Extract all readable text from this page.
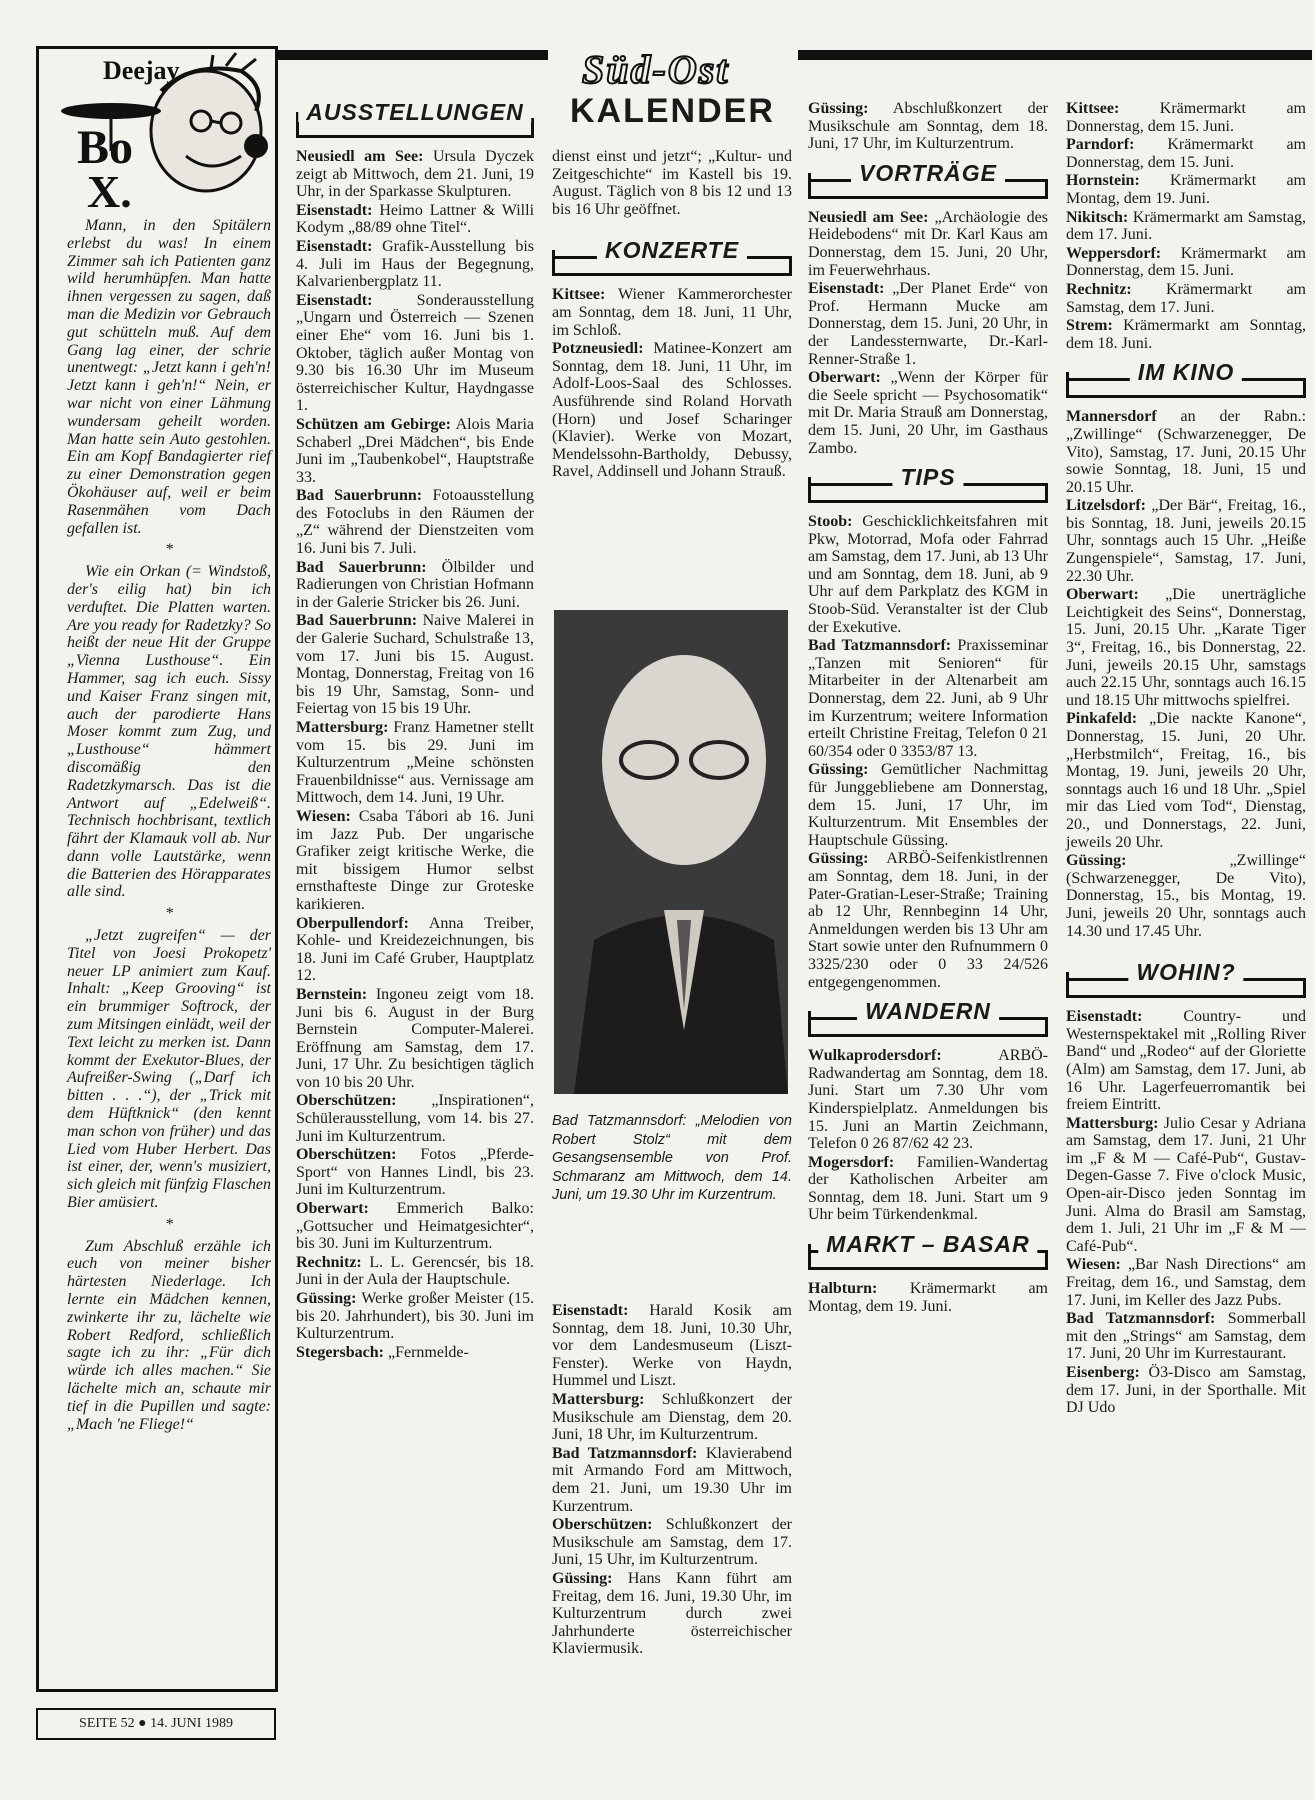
Süd-Ost
KALENDER
Deejay
Bo
X.

Mann, in den Spitälern erlebst du was! In einem Zimmer sah ich Patienten ganz wild herumhüpfen. Man hatte ihnen vergessen zu sagen, daß man die Medizin vor Gebrauch gut schütteln muß. Auf dem Gang lag einer, der schrie unentwegt: „Jetzt kann i geh'n! Jetzt kann i geh'n!“ Nein, er war nicht von einer Lähmung wundersam geheilt worden. Man hatte sein Auto gestohlen. Ein am Kopf Bandagierter rief zu einer Demonstration gegen Ökohäuser auf, weil er beim Rasenmähen vom Dach gefallen ist.

*

Wie ein Orkan (= Windstoß, der's eilig hat) bin ich verduftet. Die Platten warten. Are you ready for Radetzky? So heißt der neue Hit der Gruppe „Vienna Lusthouse“. Ein Hammer, sag ich euch. Sissy und Kaiser Franz singen mit, auch der parodierte Hans Moser kommt zum Zug, und „Lusthouse“ hämmert discomäßig den Radetzkymarsch. Das ist die Antwort auf „Edelweiß“. Technisch hochbrisant, textlich fährt der Klamauk voll ab. Nur dann volle Lautstärke, wenn die Batterien des Hörapparates alle sind.

*

„Jetzt zugreifen“ — der Titel von Joesi Prokopetz' neuer LP animiert zum Kauf. Inhalt: „Keep Grooving“ ist ein brummiger Softrock, der zum Mitsingen einlädt, weil der Text leicht zu merken ist. Dann kommt der Exekutor-Blues, der Aufreißer-Swing („Darf ich bitten . . .“), der „Trick mit dem Hüftknick“ (den kennt man schon von früher) und das Lied vom Huber Herbert. Das ist einer, der, wenn's musiziert, sich gleich mit fünfzig Flaschen Bier amüsiert.

*

Zum Abschluß erzähle ich euch von meiner bisher härtesten Niederlage. Ich lernte ein Mädchen kennen, zwinkerte ihr zu, lächelte wie Robert Redford, schließlich sagte ich zu ihr: „Für dich würde ich alles machen.“ Sie lächelte mich an, schaute mir tief in die Pupillen und sagte: „Mach 'ne Fliege!“

SEITE 52 ● 14. JUNI 1989
AUSSTELLUNGEN
Neusiedl am See: Ursula Dyczek zeigt ab Mittwoch, dem 21. Juni, 19 Uhr, in der Sparkasse Skulpturen.
Eisenstadt: Heimo Lattner & Willi Kodym „88/89 ohne Titel“.
Eisenstadt: Grafik-Ausstellung bis 4. Juli im Haus der Begegnung, Kalvarienbergplatz 11.
Eisenstadt:	Sonderausstellung „Ungarn und Österreich — Szenen einer Ehe“ vom 16. Juni bis 1. Oktober, täglich außer Montag von 9.30 bis 16.30 Uhr im Museum österreichischer Kultur, Haydngasse 1.
Schützen am Gebirge: Alois Maria Schaberl „Drei Mädchen“, bis Ende Juni im „Taubenkobel“, Hauptstraße 33.
Bad Sauerbrunn: Fotoausstellung des Fotoclubs in den Räumen der „Z“ während der Dienstzeiten vom 16. Juni bis 7. Juli.
Bad Sauerbrunn: Ölbilder und Radierungen von Christian Hofmann in der Galerie Stricker bis 26. Juni.
Bad Sauerbrunn: Naive Malerei in der Galerie Suchard, Schulstraße 13, vom 17. Juni bis 15. August. Montag, Donnerstag, Freitag von 16 bis 19 Uhr, Samstag, Sonn- und Feiertag von 15 bis 19 Uhr.
Mattersburg: Franz Hametner stellt vom 15. bis 29. Juni im Kulturzentrum „Meine schönsten Frauenbildnisse“ aus. Vernissage am Mittwoch, dem 14. Juni, 19 Uhr.
Wiesen: Csaba Tábori ab 16. Juni im Jazz Pub. Der ungarische Grafiker zeigt kritische Werke, die mit bissigem Humor selbst ernsthafteste Dinge zur Groteske karikieren.
Oberpullendorf: Anna Treiber, Kohle- und Kreidezeichnungen, bis 18. Juni im Café Gruber, Hauptplatz 12.
Bernstein: Ingoneu zeigt vom 18. Juni bis 6. August in der Burg Bernstein Computer-Malerei. Eröffnung am Samstag, dem 17. Juni, 17 Uhr. Zu besichtigen täglich von 10 bis 20 Uhr.
Oberschützen: „Inspirationen“, Schülerausstellung, vom 14. bis 27. Juni im Kulturzentrum.
Oberschützen: Fotos „Pferde-Sport“ von Hannes Lindl, bis 23. Juni im Kulturzentrum.
Oberwart: Emmerich Balko: „Gottsucher und Heimatgesichter“, bis 30. Juni im Kulturzentrum.
Rechnitz: L. L. Gerencsér, bis 18. Juni in der Aula der Hauptschule.
Güssing: Werke großer Meister (15. bis 20. Jahrhundert), bis 30. Juni im Kulturzentrum.
Stegersbach: „Fernmelde-
dienst einst und jetzt“; „Kultur- und Zeitgeschichte“ im Kastell bis 19. August. Täglich von 8 bis 12 und 13 bis 16 Uhr geöffnet.
KONZERTE
Kittsee: Wiener Kammerorchester am Sonntag, dem 18. Juni, 11 Uhr, im Schloß.
Potzneusiedl: Matinee-Konzert am Sonntag, dem 18. Juni, 11 Uhr, im Adolf-Loos-Saal des Schlosses. Ausführende sind Roland Horvath (Horn) und Josef Scharinger (Klavier). Werke von Mozart, Mendelssohn-Bartholdy, Debussy, Ravel, Addinsell und Johann Strauß.
Bad Tatzmannsdorf: „Melodien von Robert Stolz“ mit dem Gesangsensemble von Prof. Schmaranz am Mittwoch, dem 14. Juni, um 19.30 Uhr im Kurzentrum.
Eisenstadt: Harald Kosik am Sonntag, dem 18. Juni, 10.30 Uhr, vor dem Landesmuseum (Liszt-Fenster). Werke von Haydn, Hummel und Liszt.
Mattersburg: Schlußkonzert der Musikschule am Dienstag, dem 20. Juni, 18 Uhr, im Kulturzentrum.
Bad Tatzmannsdorf: Klavierabend mit Armando Ford am Mittwoch, dem 21. Juni, um 19.30 Uhr im Kurzentrum.
Oberschützen: Schlußkonzert der Musikschule am Samstag, dem 17. Juni, 15 Uhr, im Kulturzentrum.
Güssing: Hans Kann führt am Freitag, dem 16. Juni, 19.30 Uhr, im Kulturzentrum durch zwei Jahrhunderte österreichischer Klaviermusik.
Güssing: Abschlußkonzert der Musikschule am Sonntag, dem 18. Juni, 17 Uhr, im Kulturzentrum.
VORTRÄGE
Neusiedl am See: „Archäologie des Heidebodens“ mit Dr. Karl Kaus am Donnerstag, dem 15. Juni, 20 Uhr, im Feuerwehrhaus.
Eisenstadt: „Der Planet Erde“ von Prof. Hermann Mucke am Donnerstag, dem 15. Juni, 20 Uhr, in der Landessternwarte, Dr.-Karl-Renner-Straße 1.
Oberwart: „Wenn der Körper für die Seele spricht — Psychosomatik“ mit Dr. Maria Strauß am Donnerstag, dem 15. Juni, 20 Uhr, im Gasthaus Zambo.
TIPS
Stoob: Geschicklichkeitsfahren mit Pkw, Motorrad, Mofa oder Fahrrad am Samstag, dem 17. Juni, ab 13 Uhr und am Sonntag, dem 18. Juni, ab 9 Uhr auf dem Parkplatz des KGM in Stoob-Süd. Veranstalter ist der Club der Exekutive.
Bad Tatzmannsdorf: Praxisseminar „Tanzen mit Senioren“ für Mitarbeiter in der Altenarbeit am Donnerstag, dem 22. Juni, ab 9 Uhr im Kurzentrum; weitere Information erteilt Christine Freitag, Telefon 0 21 60/354 oder 0 3353/87 13.
Güssing: Gemütlicher Nachmittag für Junggebliebene am Donnerstag, dem 15. Juni, 17 Uhr, im Kulturzentrum. Mit Ensembles der Hauptschule Güssing.
Güssing: ARBÖ-Seifenkistlrennen am Sonntag, dem 18. Juni, in der Pater-Gratian-Leser-Straße; Training ab 12 Uhr, Rennbeginn 14 Uhr, Anmeldungen werden bis 13 Uhr am Start sowie unter den Rufnummern 0 3325/230 oder 0 33 24/526 entgegengenommen.
WANDERN
Wulkaprodersdorf:	ARBÖ-Radwandertag am Sonntag, dem 18. Juni. Start um 7.30 Uhr vom Kinderspielplatz. Anmeldungen bis 15. Juni an Martin Zeichmann, Telefon 0 26 87/62 42 23.
Mogersdorf: Familien-Wandertag der Katholischen Arbeiter am Sonntag, dem 18. Juni. Start um 9 Uhr beim Türkendenkmal.
MARKT – BASAR
Halbturn: Krämermarkt am Montag, dem 19. Juni.
Kittsee:	Krämermarkt am Donnerstag, dem 15. Juni.
Parndorf: Krämermarkt am Donnerstag, dem 15. Juni.
Hornstein: Krämermarkt am Montag, dem 19. Juni.
Nikitsch: Krämermarkt am Samstag, dem 17. Juni.
Weppersdorf: Krämermarkt am Donnerstag, dem 15. Juni.
Rechnitz: Krämermarkt am Samstag, dem 17. Juni.
Strem: Krämermarkt am Sonntag, dem 18. Juni.
IM KINO
Mannersdorf an der Rabn.: „Zwillinge“ (Schwarzenegger, De Vito), Samstag, 17. Juni, 20.15 Uhr sowie Sonntag, 18. Juni, 15 und 20.15 Uhr.
Litzelsdorf: „Der Bär“, Freitag, 16., bis Sonntag, 18. Juni, jeweils 20.15 Uhr, sonntags auch 15 Uhr. „Heiße Zungenspiele“, Samstag, 17. Juni, 22.30 Uhr.
Oberwart: „Die unerträgliche Leichtigkeit des Seins“, Donnerstag, 15. Juni, 20.15 Uhr. „Karate Tiger 3“, Freitag, 16., bis Donnerstag, 22. Juni, jeweils 20.15 Uhr, samstags auch 22.15 Uhr, sonntags auch 16.15 und 18.15 Uhr mittwochs spielfrei.
Pinkafeld: „Die nackte Kanone“, Donnerstag, 15. Juni, 20 Uhr. „Herbstmilch“, Freitag, 16., bis Montag, 19. Juni, jeweils 20 Uhr, sonntags auch 16 und 18 Uhr. „Spiel mir das Lied vom Tod“, Dienstag, 20., und Donnerstags, 22. Juni, jeweils 20 Uhr.
Güssing:	„Zwillinge“ (Schwarzenegger, De Vito), Donnerstag, 15., bis Montag, 19. Juni, jeweils 20 Uhr, sonntags auch 14.30 und 17.45 Uhr.
WOHIN?
Eisenstadt:	Country- und Westernspektakel mit „Rolling River Band“ und „Rodeo“ auf der Gloriette (Alm) am Samstag, dem 17. Juni, ab 16 Uhr. Lagerfeuerromantik bei freiem Eintritt.
Mattersburg: Julio Cesar y Adriana am Samstag, dem 17. Juni, 21 Uhr im „F & M — Café-Pub“, Gustav-Degen-Gasse 7. Five o'clock Music, Open-air-Disco jeden Sonntag im Juni. Alma do Brasil am Samstag, dem 1. Juli, 21 Uhr im „F & M — Café-Pub“.
Wiesen: „Bar Nash Directions“ am Freitag, dem 16., und Samstag, dem 17. Juni, im Keller des Jazz Pubs.
Bad Tatzmannsdorf: Sommerball mit den „Strings“ am Samstag, dem 17. Juni, 20 Uhr im Kurrestaurant.
Eisenberg: Ö3-Disco am Samstag, dem 17. Juni, in der Sporthalle. Mit DJ Udo
